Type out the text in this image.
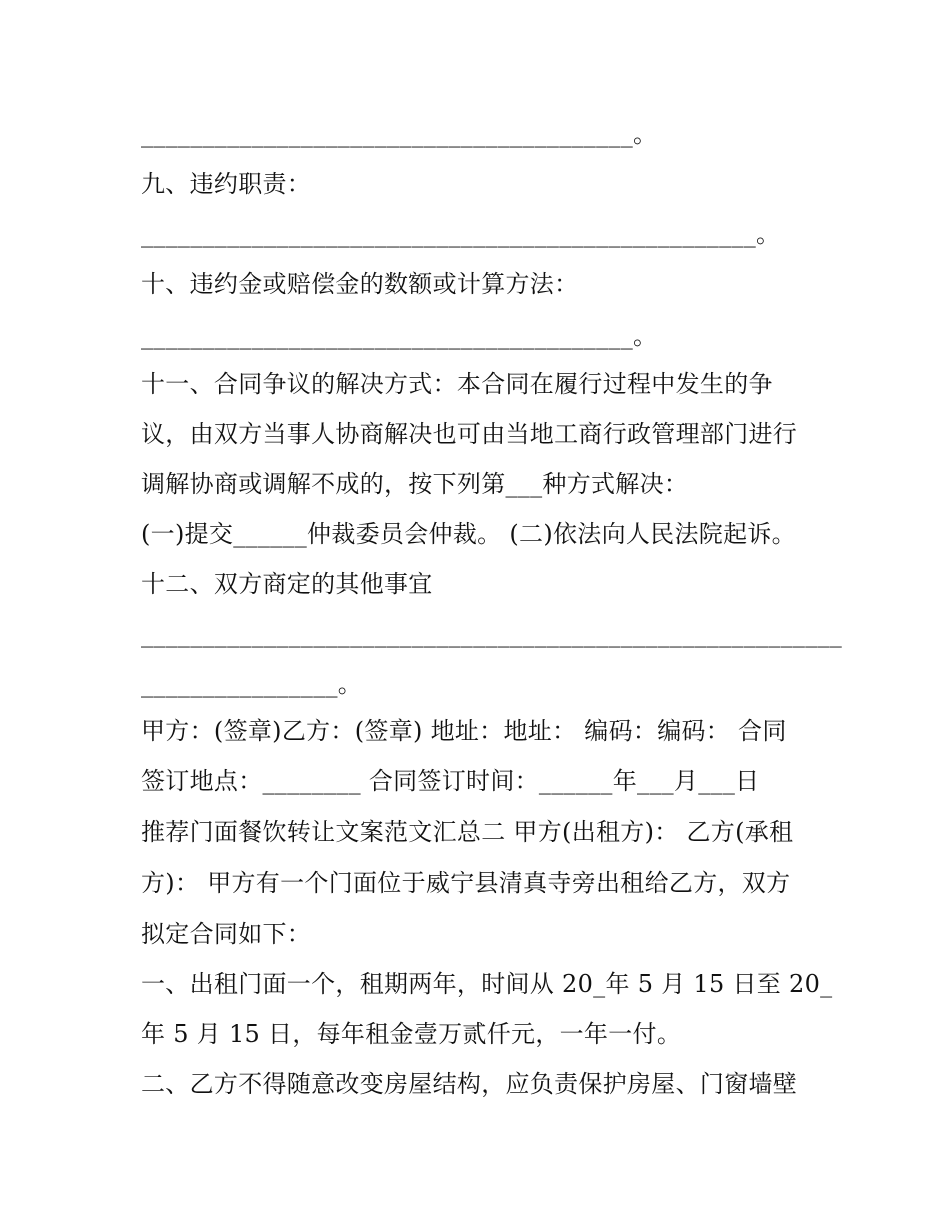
________________________________________。
九、违约职责：
__________________________________________________。
十、违约金或赔偿金的数额或计算方法：
________________________________________。
十一、合同争议的解决方式：本合同在履行过程中发生的争
议，由双方当事人协商解决也可由当地工商行政管理部门进行
调解协商或调解不成的，按下列第___种方式解决：
(一)提交______仲裁委员会仲裁。 (二)依法向人民法院起诉。
十二、双方商定的其他事宜
_________________________________________________________
________________。
甲方：(签章)乙方：(签章) 地址：地址： 编码：编码： 合同
签订地点：________ 合同签订时间：______年___月___日
推荐门面餐饮转让文案范文汇总二 甲方(出租方)： 乙方(承租
方)： 甲方有一个门面位于威宁县清真寺旁出租给乙方，双方
拟定合同如下：
一、出租门面一个，租期两年，时间从 20_年 5 月 15 日至 20_
年 5 月 15 日，每年租金壹万贰仟元，一年一付。
二、乙方不得随意改变房屋结构，应负责保护房屋、门窗墙壁
